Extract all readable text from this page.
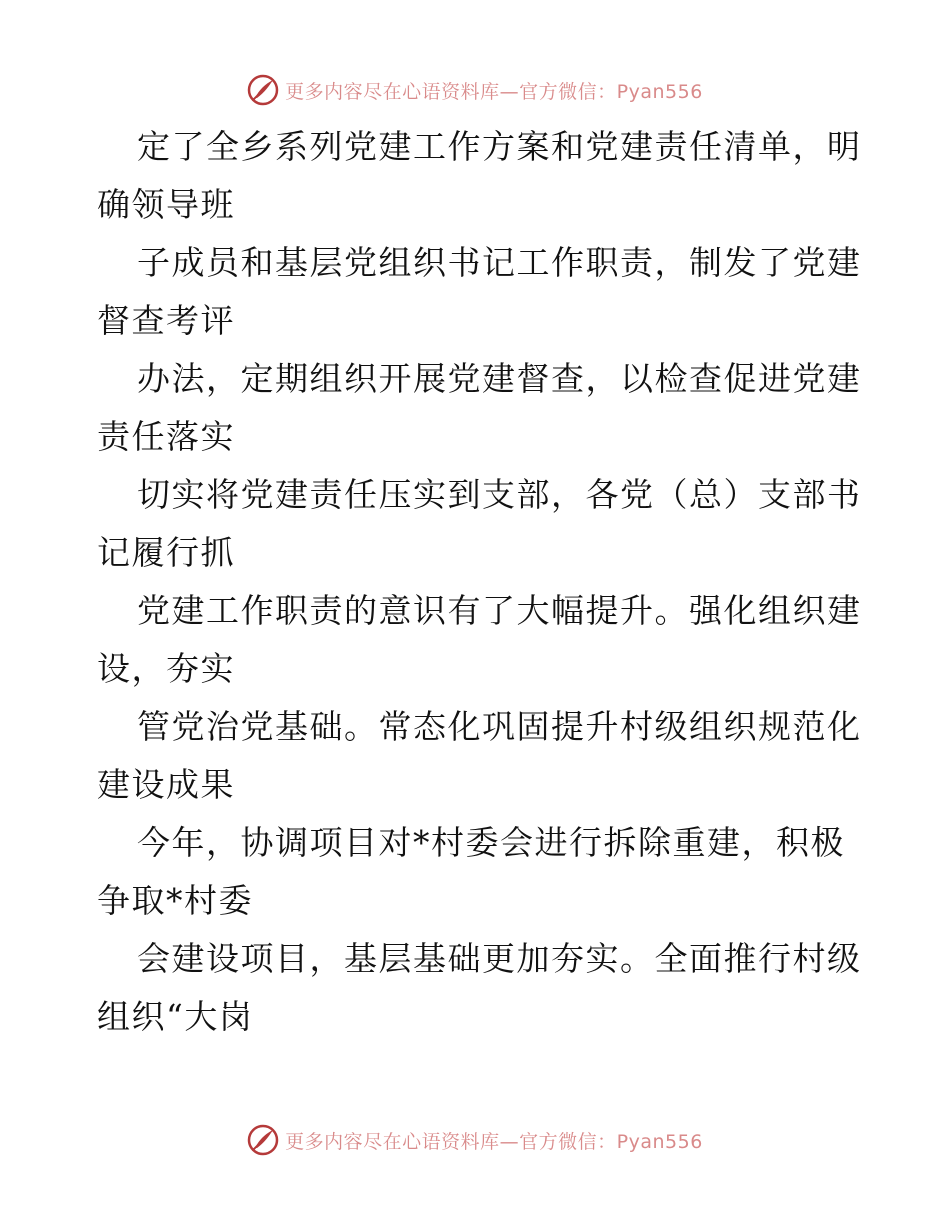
更多内容尽在心语资料库—官方微信：Pyan556
定了全乡系列党建工作方案和党建责任清单，明
确领导班
子成员和基层党组织书记工作职责，制发了党建
督查考评
办法，定期组织开展党建督查，以检查促进党建
责任落实
切实将党建责任压实到支部，各党（总）支部书
记履行抓
党建工作职责的意识有了大幅提升。强化组织建
设，夯实
管党治党基础。常态化巩固提升村级组织规范化
建设成果
今年，协调项目对*村委会进行拆除重建，积极
争取*村委
会建设项目，基层基础更加夯实。全面推行村级
组织“大岗
更多内容尽在心语资料库—官方微信：Pyan556
